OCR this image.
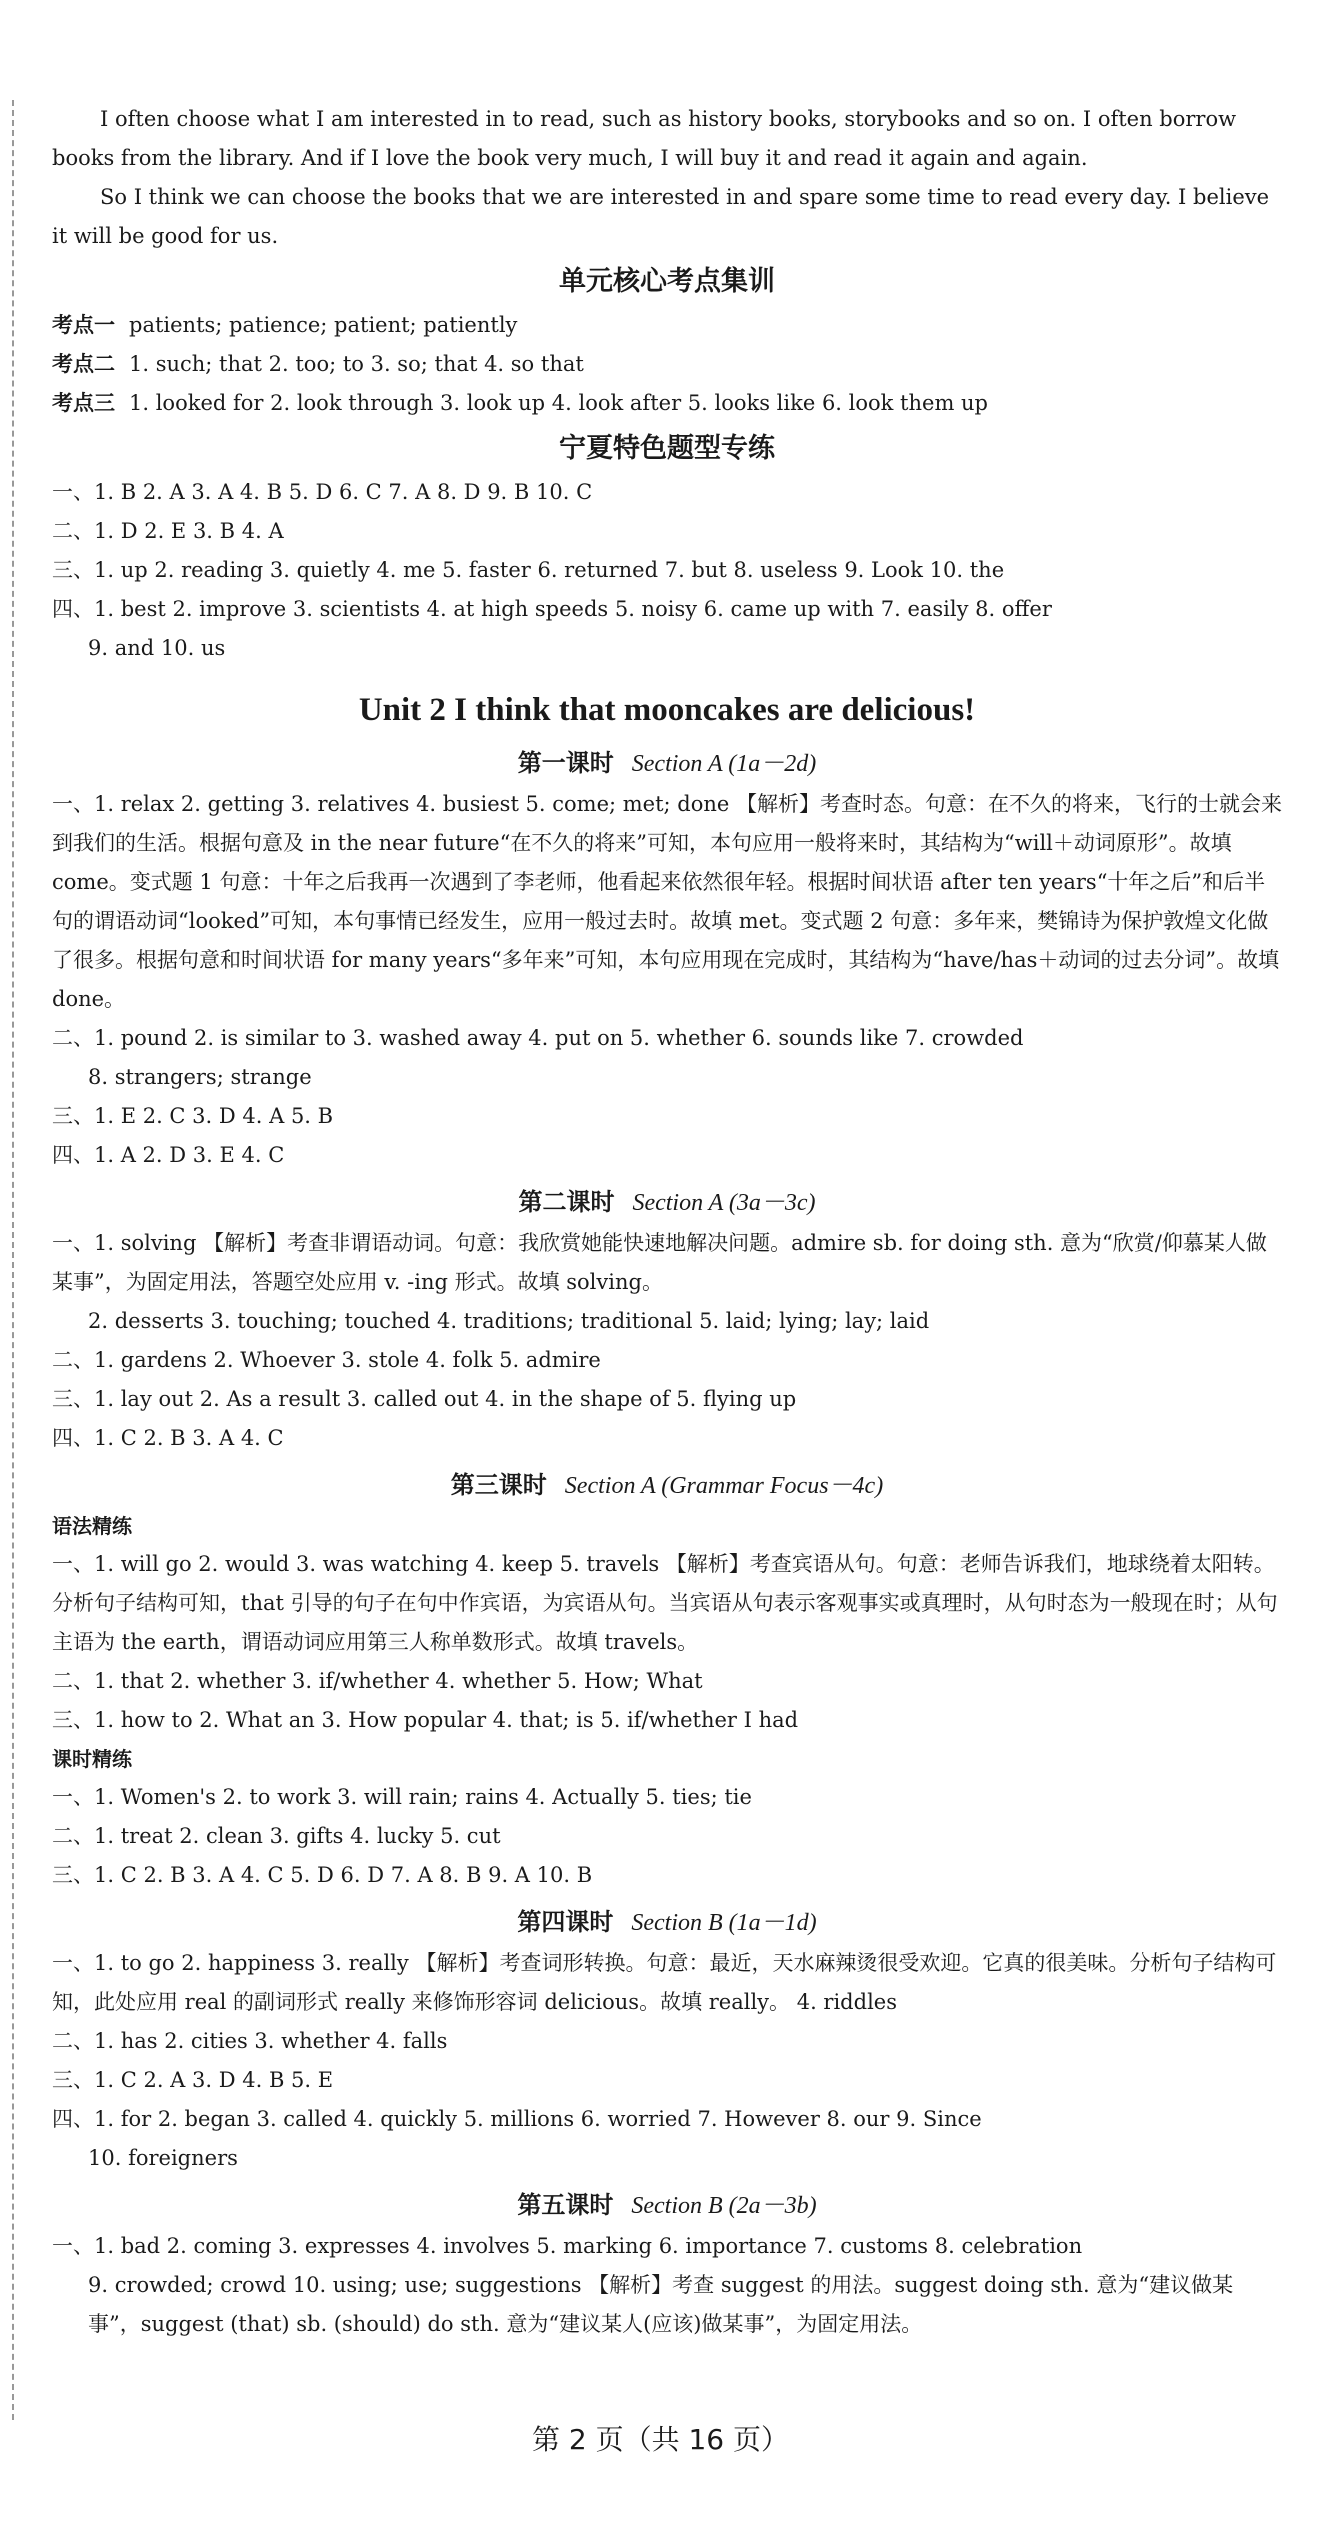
I often choose what I am interested in to read, such as history books, storybooks and so on. I often borrow books from the library. And if I love the book very much, I will buy it and read it again and again.

So I think we can choose the books that we are interested in and spare some time to read every day. I believe it will be good for us.

单元核心考点集训

考点一 patients; patience; patient; patiently

考点二 1. such; that 2. too; to 3. so; that 4. so that

考点三 1. looked for 2. look through 3. look up 4. look after 5. looks like 6. look them up

宁夏特色题型专练

一、1. B 2. A 3. A 4. B 5. D 6. C 7. A 8. D 9. B 10. C

二、1. D 2. E 3. B 4. A

三、1. up 2. reading 3. quietly 4. me 5. faster 6. returned 7. but 8. useless 9. Look 10. the

四、1. best 2. improve 3. scientists 4. at high speeds 5. noisy 6. came up with 7. easily 8. offer

9. and 10. us

Unit 2 I think that mooncakes are delicious!
第一课时 Section A (1a－2d)

一、1. relax 2. getting 3. relatives 4. busiest 5. come; met; done 【解析】考查时态。句意：在不久的将来，飞行的士就会来到我们的生活。根据句意及 in the near future“在不久的将来”可知，本句应用一般将来时，其结构为“will＋动词原形”。故填 come。变式题 1 句意：十年之后我再一次遇到了李老师，他看起来依然很年轻。根据时间状语 after ten years“十年之后”和后半句的谓语动词“looked”可知，本句事情已经发生，应用一般过去时。故填 met。变式题 2 句意：多年来，樊锦诗为保护敦煌文化做了很多。根据句意和时间状语 for many years“多年来”可知，本句应用现在完成时，其结构为“have/has＋动词的过去分词”。故填 done。

二、1. pound 2. is similar to 3. washed away 4. put on 5. whether 6. sounds like 7. crowded

8. strangers; strange

三、1. E 2. C 3. D 4. A 5. B

四、1. A 2. D 3. E 4. C

第二课时 Section A (3a－3c)

一、1. solving 【解析】考查非谓语动词。句意：我欣赏她能快速地解决问题。admire sb. for doing sth. 意为“欣赏/仰慕某人做某事”，为固定用法，答题空处应用 v. -ing 形式。故填 solving。

2. desserts 3. touching; touched 4. traditions; traditional 5. laid; lying; lay; laid

二、1. gardens 2. Whoever 3. stole 4. folk 5. admire

三、1. lay out 2. As a result 3. called out 4. in the shape of 5. flying up

四、1. C 2. B 3. A 4. C

第三课时 Section A (Grammar Focus－4c)
语法精练

一、1. will go 2. would 3. was watching 4. keep 5. travels 【解析】考查宾语从句。句意：老师告诉我们，地球绕着太阳转。分析句子结构可知，that 引导的句子在句中作宾语，为宾语从句。当宾语从句表示客观事实或真理时，从句时态为一般现在时；从句主语为 the earth，谓语动词应用第三人称单数形式。故填 travels。

二、1. that 2. whether 3. if/whether 4. whether 5. How; What

三、1. how to 2. What an 3. How popular 4. that; is 5. if/whether I had

课时精练

一、1. Women's 2. to work 3. will rain; rains 4. Actually 5. ties; tie

二、1. treat 2. clean 3. gifts 4. lucky 5. cut

三、1. C 2. B 3. A 4. C 5. D 6. D 7. A 8. B 9. A 10. B

第四课时 Section B (1a－1d)

一、1. to go 2. happiness 3. really 【解析】考查词形转换。句意：最近，天水麻辣烫很受欢迎。它真的很美味。分析句子结构可知，此处应用 real 的副词形式 really 来修饰形容词 delicious。故填 really。 4. riddles

二、1. has 2. cities 3. whether 4. falls

三、1. C 2. A 3. D 4. B 5. E

四、1. for 2. began 3. called 4. quickly 5. millions 6. worried 7. However 8. our 9. Since

10. foreigners

第五课时 Section B (2a－3b)

一、1. bad 2. coming 3. expresses 4. involves 5. marking 6. importance 7. customs 8. celebration

9. crowded; crowd 10. using; use; suggestions 【解析】考查 suggest 的用法。suggest doing sth. 意为“建议做某事”，suggest (that) sb. (should) do sth. 意为“建议某人(应该)做某事”，为固定用法。

第 2 页（共 16 页）
